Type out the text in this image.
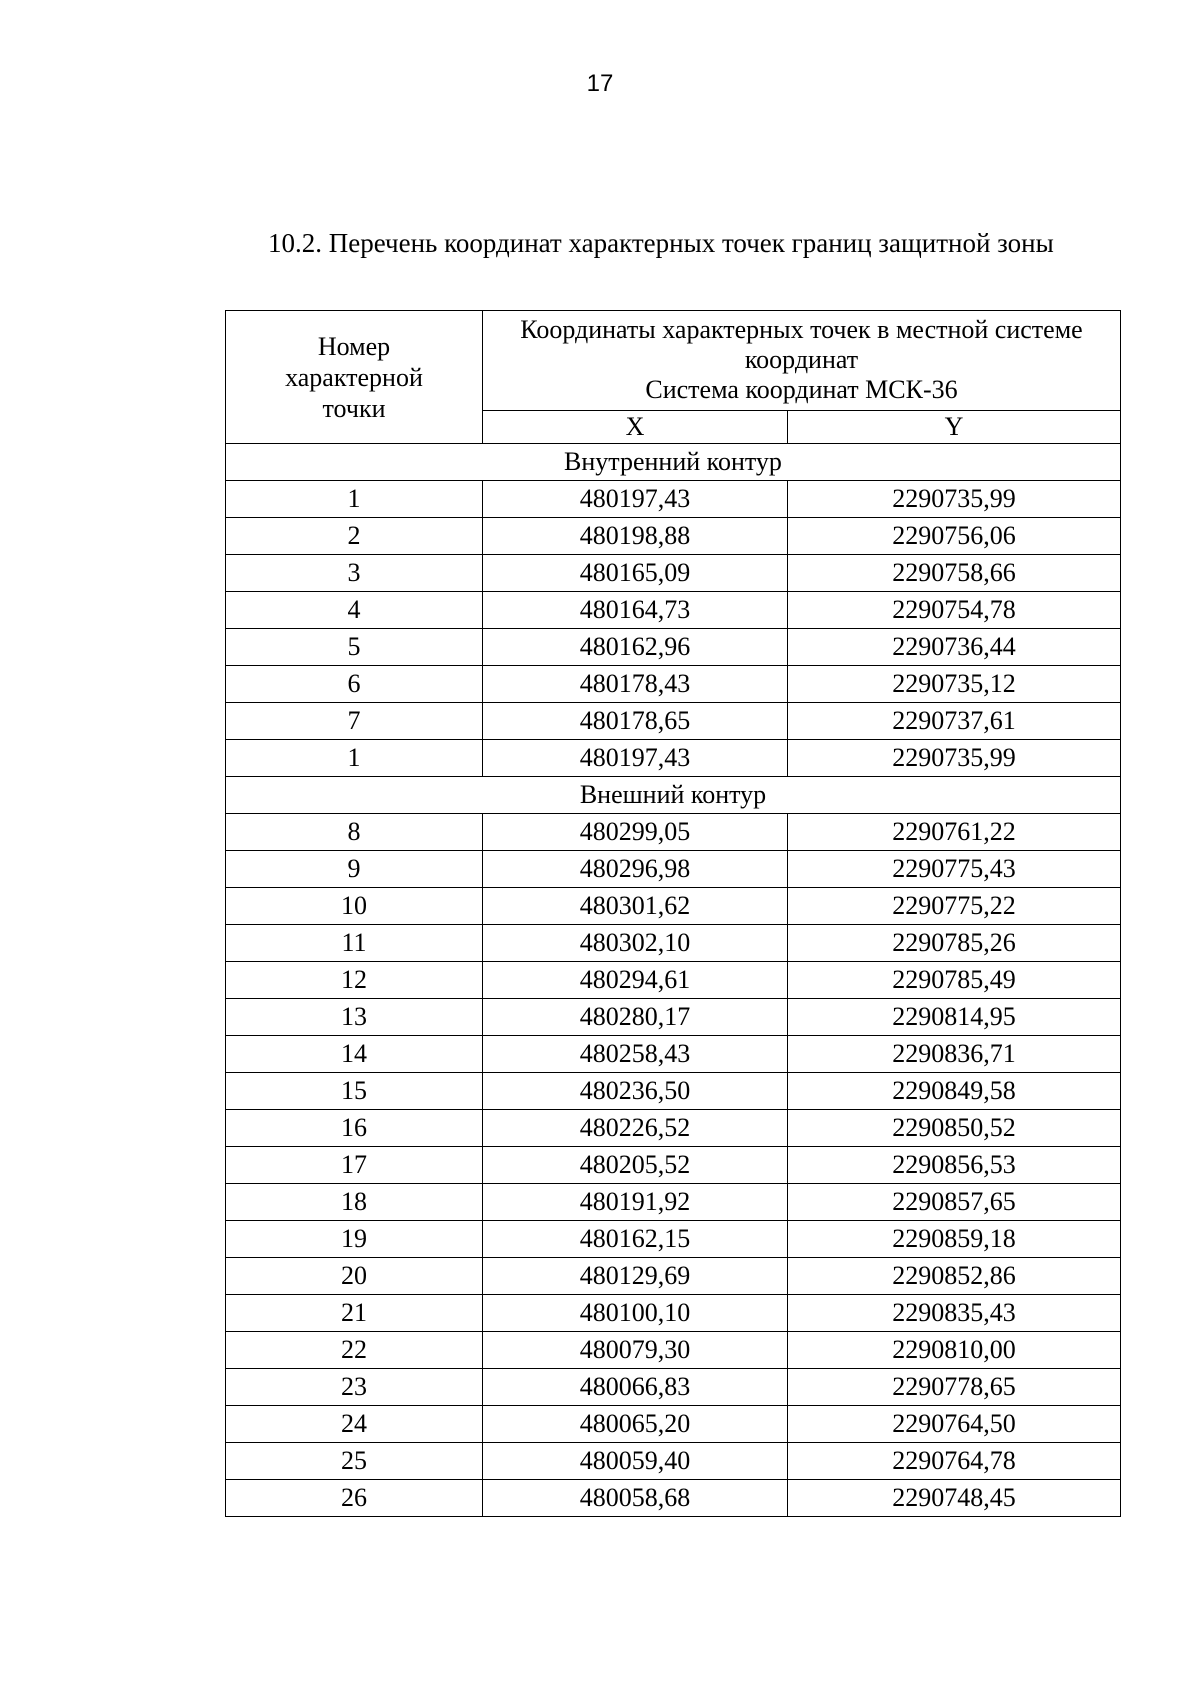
17
10.2. Перечень координат характерных точек границ защитной зоны
Номер характерной точки	Координаты характерных точек в местной системе
координат
Система координат МСК-36	

	X	Y
Внутренний контур		
1	480197,43	2290735,99
2	480198,88	2290756,06
3	480165,09	2290758,66
4	480164,73	2290754,78
5	480162,96	2290736,44
6	480178,43	2290735,12
7	480178,65	2290737,61
1	480197,43	2290735,99
Внешний контур		
8	480299,05	2290761,22
9	480296,98	2290775,43
10	480301,62	2290775,22
11	480302,10	2290785,26
12	480294,61	2290785,49
13	480280,17	2290814,95
14	480258,43	2290836,71
15	480236,50	2290849,58
16	480226,52	2290850,52
17	480205,52	2290856,53
18	480191,92	2290857,65
19	480162,15	2290859,18
20	480129,69	2290852,86
21	480100,10	2290835,43
22	480079,30	2290810,00
23	480066,83	2290778,65
24	480065,20	2290764,50
25	480059,40	2290764,78
26	480058,68	2290748,45
